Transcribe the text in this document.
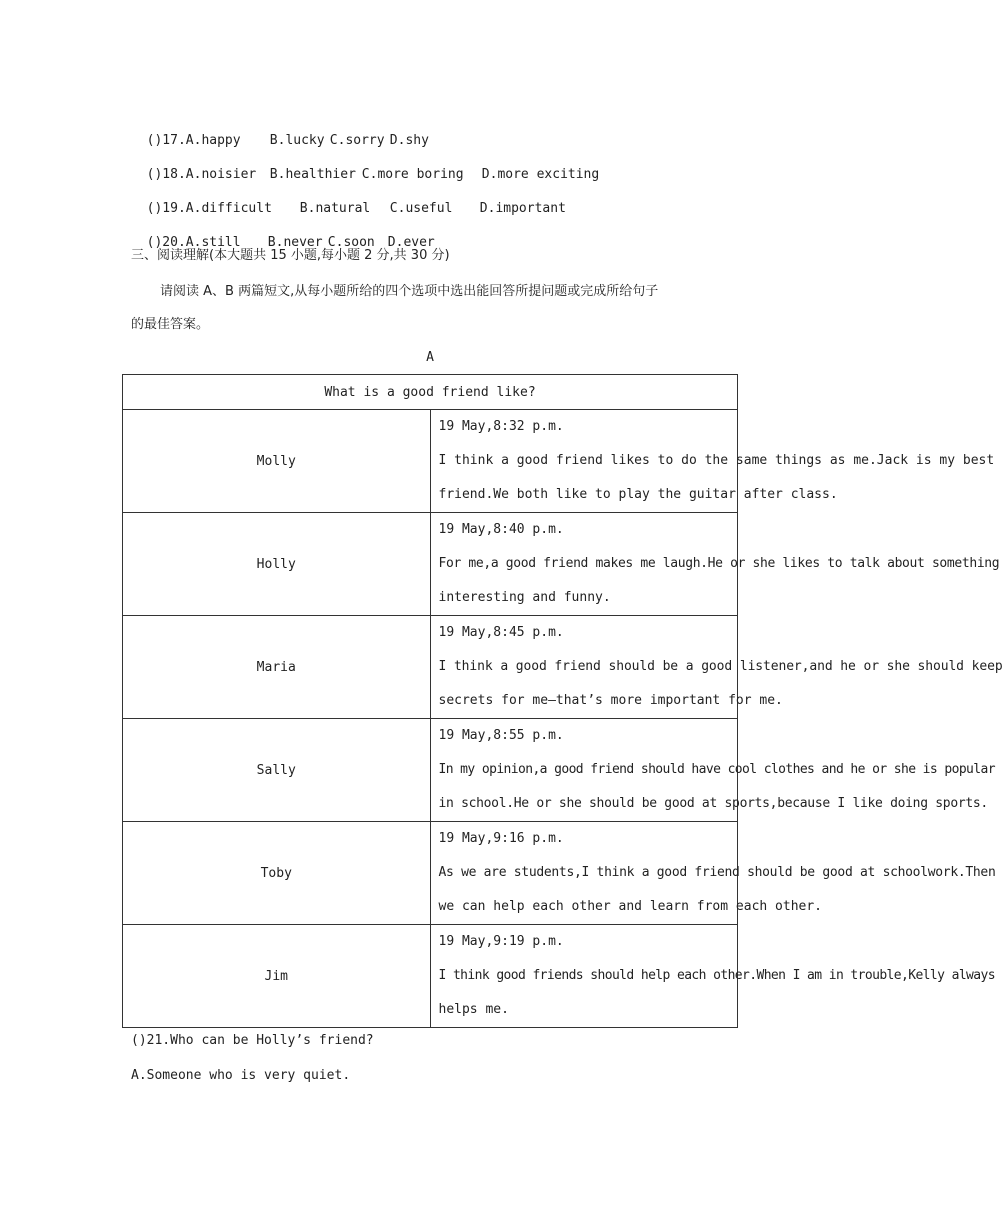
()17.A.happy B.lucky C.sorry D.shy

()18.A.noisier B.healthier C.more boring D.more exciting

()19.A.difficult B.natural C.useful D.important

()20.A.still B.never C.soon D.ever

三、阅读理解(本大题共 15 小题,每小题 2 分,共 30 分)
请阅读 A、B 两篇短文,从每小题所给的四个选项中选出能回答所提问题或完成所给句子
的最佳答案。
A
What is a good friend like?	
Molly	19 May,8:32 p.m.
I think a good friend likes to do the same things as me.Jack is my best
friend.We both like to play the guitar after class.

Holly	19 May,8:40 p.m.
For me,a good friend makes me laugh.He or she likes to talk about something
interesting and funny.

Maria	19 May,8:45 p.m.
I think a good friend should be a good listener,and he or she should keep
secrets for me—that’s more important for me.

Sally	19 May,8:55 p.m.
In my opinion,a good friend should have cool clothes and he or she is popular
in school.He or she should be good at sports,because I like doing sports.

Toby	19 May,9:16 p.m.
As we are students,I think a good friend should be good at schoolwork.Then
we can help each other and learn from each other.

Jim	19 May,9:19 p.m.
I think good friends should help each other.When I am in trouble,Kelly always
helps me.
()21.Who can be Holly’s friend?
A.Someone who is very quiet.
